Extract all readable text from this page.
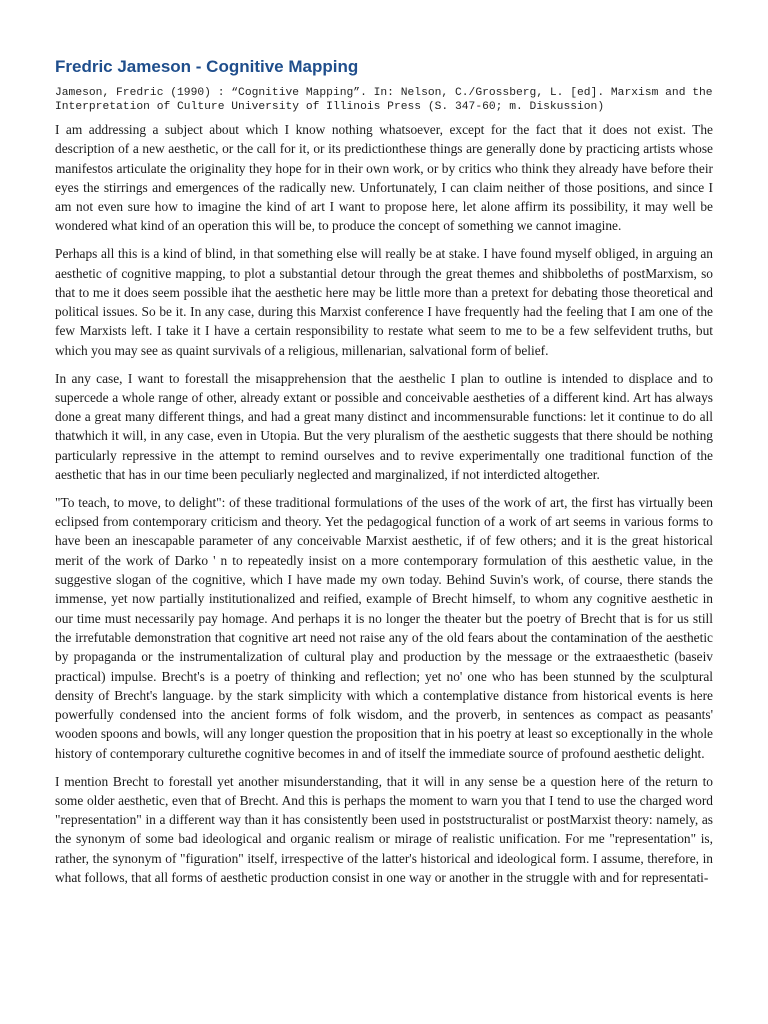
Fredric Jameson - Cognitive Mapping

Jameson, Fredric (1990) : “Cognitive Mapping”. In: Nelson, C./Grossberg, L. [ed]. Marxism and the Interpretation of Culture University of Illinois Press (S. 347-60; m. Diskussion)

I am addressing a subject about which I know nothing whatsoever, except for the fact that it does not exist. The description of a new aesthetic, or the call for it, or its predictionthese things are generally done by practicing artists whose manifestos articulate the originality they hope for in their own work, or by critics who think they already have before their eyes the stirrings and emergences of the radically new. Unfortunately, I can claim neither of those positions, and since I am not even sure how to imagine the kind of art I want to propose here, let alone affirm its possibility, it may well be wondered what kind of an operation this will be, to produce the concept of something we cannot imagine.

Perhaps all this is a kind of blind, in that something else will really be at stake. I have found myself obliged, in arguing an aesthetic of cognitive mapping, to plot a substantial detour through the great themes and shibboleths of postMarxism, so that to me it does seem possible ihat the aesthetic here may be little more than a pretext for debating those theoretical and political issues. So be it. In any case, during this Marxist conference I have frequently had the feeling that I am one of the few Marxists left. I take it I have a certain responsibility to restate what seem to me to be a few selfevident truths, but which you may see as quaint survivals of a religious, millenarian, salvational form of belief.

In any case, I want to forestall the misapprehension that the aesthelic I plan to outline is intended to displace and to supercede a whole range of other, already extant or possible and conceivable aestheties of a different kind. Art has always done a great many different things, and had a great many distinct and incommensurable functions: let it continue to do all thatwhich it will, in any case, even in Utopia. But the very pluralism of the aesthetic suggests that there should be nothing particularly repressive in the attempt to remind ourselves and to revive experimentally one traditional function of the aesthetic that has in our time been peculiarly neglected and marginalized, if not interdicted altogether.

"To teach, to move, to delight": of these traditional formulations of the uses of the work of art, the first has virtually been eclipsed from contemporary criticism and theory. Yet the pedagogical function of a work of art seems in various forms to have been an inescapable parameter of any conceivable Marxist aesthetic, if of few others; and it is the great historical merit of the work of Darko ' n to repeatedly insist on a more contemporary formulation of this aesthetic value, in the suggestive slogan of the cognitive, which I have made my own today. Behind Suvin's work, of course, there stands the immense, yet now partially institutionalized and reified, example of Brecht himself, to whom any cognitive aesthetic in our time must necessarily pay homage. And perhaps it is no longer the theater but the poetry of Brecht that is for us still the irrefutable demonstration that cognitive art need not raise any of the old fears about the contamination of the aesthetic by propaganda or the instrumentalization of cultural play and production by the message or the extraaesthetic (baseiv practical) impulse. Brecht's is a poetry of thinking and reflection; yet no' one who has been stunned by the sculptural density of Brecht's language. by the stark simplicity with which a contemplative distance from historical events is here powerfully condensed into the ancient forms of folk wisdom, and the proverb, in sentences as compact as peasants' wooden spoons and bowls, will any longer question the proposition that in his poetry at least so exceptionally in the whole history of contemporary culturethe cognitive becomes in and of itself the immediate source of profound aesthetic delight.

I mention Brecht to forestall yet another misunderstanding, that it will in any sense be a question here of the return to some older aesthetic, even that of Brecht. And this is perhaps the moment to warn you that I tend to use the charged word "representation" in a different way than it has consistently been used in poststructuralist or postMarxist theory: namely, as the synonym of some bad ideological and organic realism or mirage of realistic unification. For me "representation" is, rather, the synonym of "figuration" itself, irrespective of the latter's historical and ideological form. I assume, therefore, in what follows, that all forms of aesthetic production consist in one way or another in the struggle with and for representati-
